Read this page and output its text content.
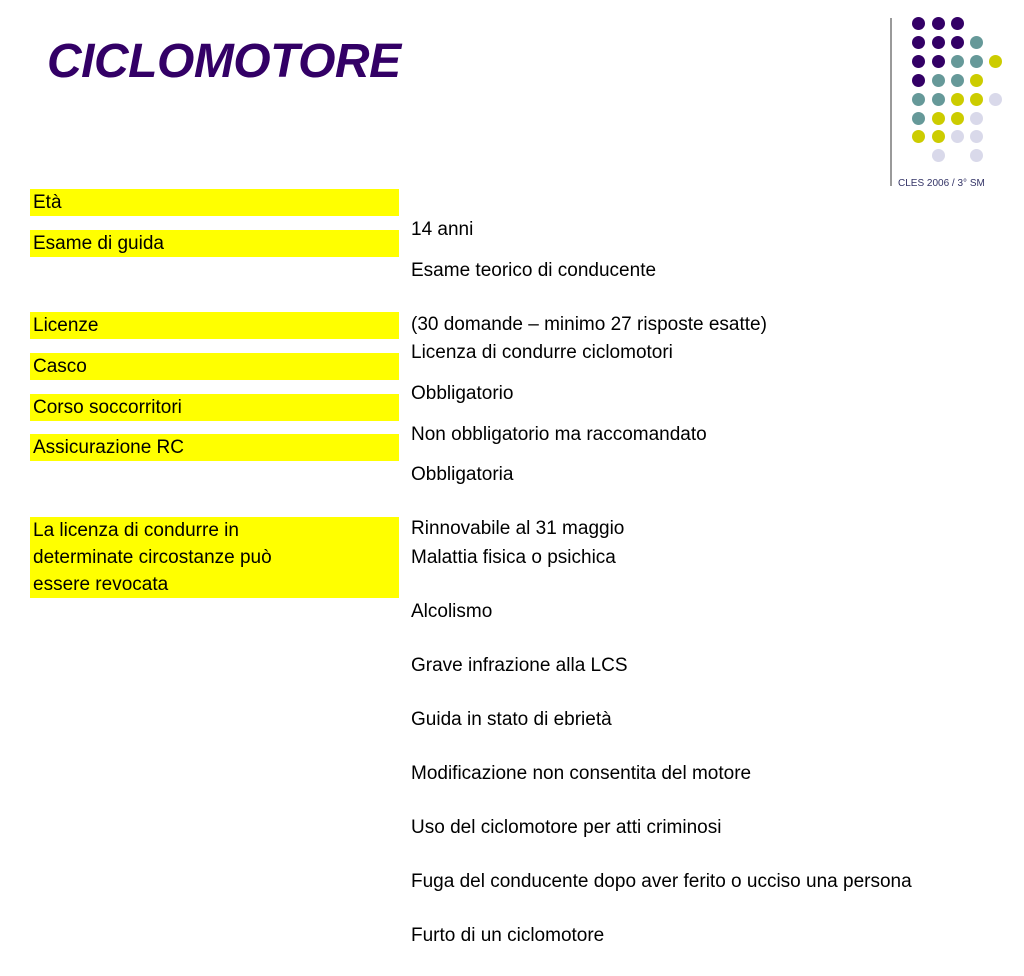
CICLOMOTORE
CLES 2006 / 3° SM
Età

14 anni

Esame di guida

Esame teorico di conducente

(30 domande – minimo 27 risposte esatte)

Licenze

Licenza di condurre ciclomotori

Casco

Obbligatorio

Corso soccorritori

Non obbligatorio ma raccomandato

Assicurazione RC

Obbligatoria

Rinnovabile al 31 maggio

La licenza di condurre in
determinate circostanze può
essere revocata

Malattia fisica o psichica

Alcolismo

Grave infrazione alla LCS

Guida in stato di ebrietà

Modificazione non consentita del motore

Uso del ciclomotore per atti criminosi

Fuga del conducente dopo aver ferito o ucciso una persona

Furto di un ciclomotore
